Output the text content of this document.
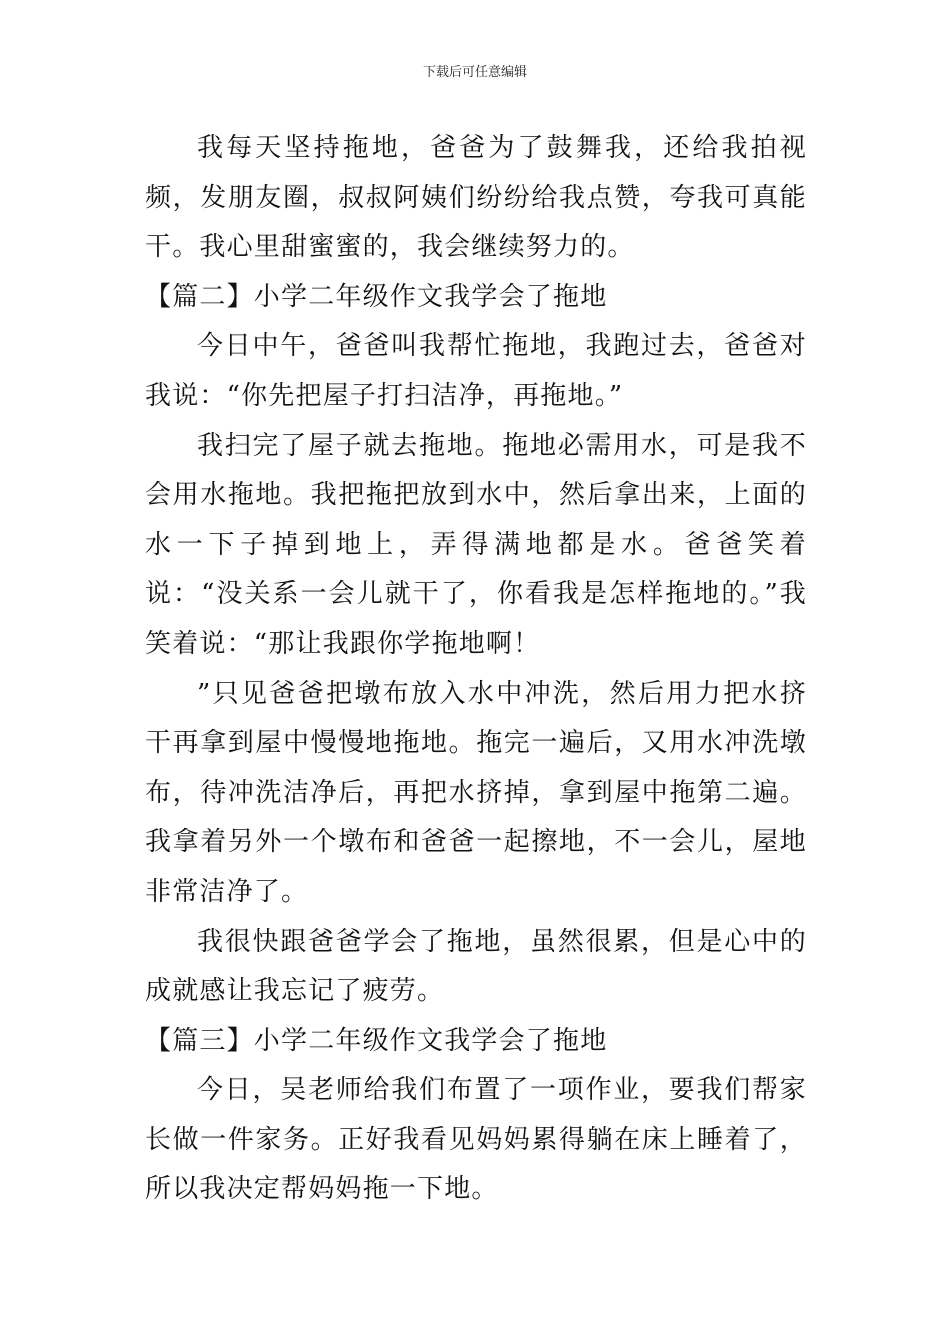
下载后可任意编辑

我每天坚持拖地，爸爸为了鼓舞我，还给我拍视频，发朋友圈，叔叔阿姨们纷纷给我点赞，夸我可真能干。我心里甜蜜蜜的，我会继续努力的。

【篇二】小学二年级作文我学会了拖地

今日中午，爸爸叫我帮忙拖地，我跑过去，爸爸对我说：“你先把屋子打扫洁净，再拖地。”

我扫完了屋子就去拖地。拖地必需用水，可是我不会用水拖地。我把拖把放到水中，然后拿出来，上面的水一下子掉到地上，弄得满地都是水。爸爸笑着说：“没关系一会儿就干了，你看我是怎样拖地的。”我笑着说：“那让我跟你学拖地啊！

”只见爸爸把墩布放入水中冲洗，然后用力把水挤干再拿到屋中慢慢地拖地。拖完一遍后，又用水冲洗墩布，待冲洗洁净后，再把水挤掉，拿到屋中拖第二遍。我拿着另外一个墩布和爸爸一起擦地，不一会儿，屋地非常洁净了。

我很快跟爸爸学会了拖地，虽然很累，但是心中的成就感让我忘记了疲劳。

【篇三】小学二年级作文我学会了拖地

今日，吴老师给我们布置了一项作业，要我们帮家长做一件家务。正好我看见妈妈累得躺在床上睡着了，所以我决定帮妈妈拖一下地。
